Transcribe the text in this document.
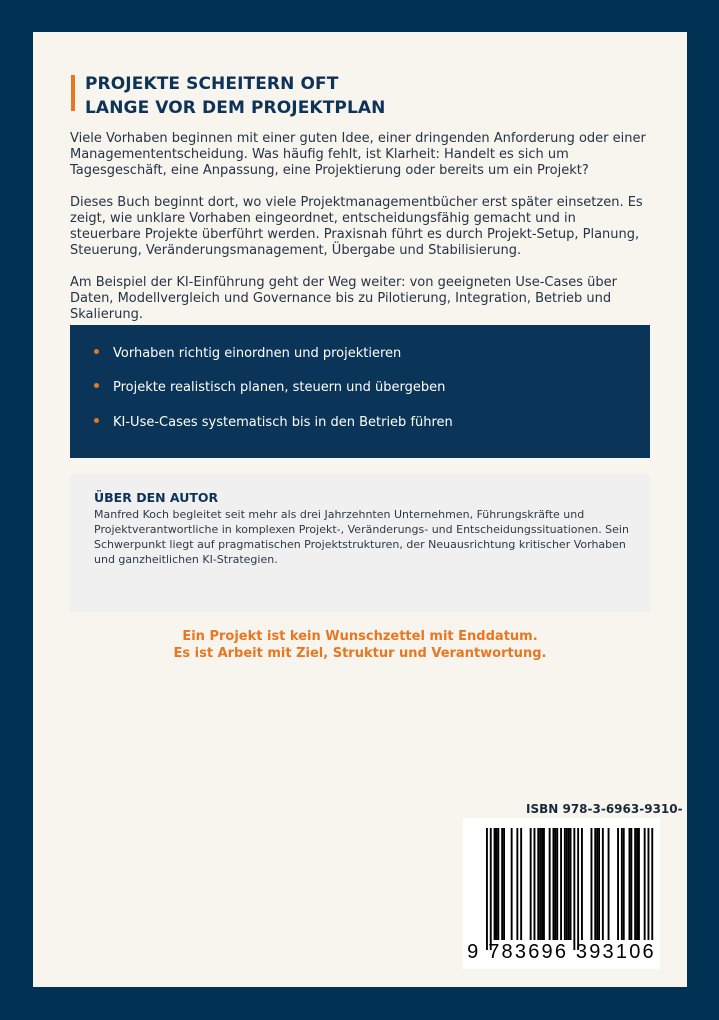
PROJEKTE SCHEITERN OFT
LANGE VOR DEM PROJEKTPLAN

Viele Vorhaben beginnen mit einer guten Idee, einer dringenden Anforderung oder einer Managemententscheidung. Was häufig fehlt, ist Klarheit: Handelt es sich um Tagesgeschäft, eine Anpassung, eine Projektierung oder bereits um ein Projekt?

Dieses Buch beginnt dort, wo viele Projektmanagementbücher erst später einsetzen. Es zeigt, wie unklare Vorhaben eingeordnet, entscheidungsfähig gemacht und in steuerbare Projekte überführt werden. Praxisnah führt es durch Projekt-Setup, Planung, Steuerung, Veränderungsmanagement, Übergabe und Stabilisierung.

Am Beispiel der KI-Einführung geht der Weg weiter: von geeigneten Use-Cases über Daten, Modellvergleich und Governance bis zu Pilotierung, Integration, Betrieb und Skalierung.

Vorhaben richtig einordnen und projektieren
Projekte realistisch planen, steuern und übergeben
KI-Use-Cases systematisch bis in den Betrieb führen
ÜBER DEN AUTOR
Manfred Koch begleitet seit mehr als drei Jahrzehnten Unternehmen, Führungskräfte und Projektverantwortliche in komplexen Projekt-, Veränderungs- und Entscheidungssituationen. Sein Schwerpunkt liegt auf pragmatischen Projektstrukturen, der Neuausrichtung kritischer Vorhaben und ganzheitlichen KI-Strategien.
Ein Projekt ist kein Wunschzettel mit Enddatum.
Es ist Arbeit mit Ziel, Struktur und Verantwortung.
ISBN 978-3-6963-9310-
9 783696 393106
